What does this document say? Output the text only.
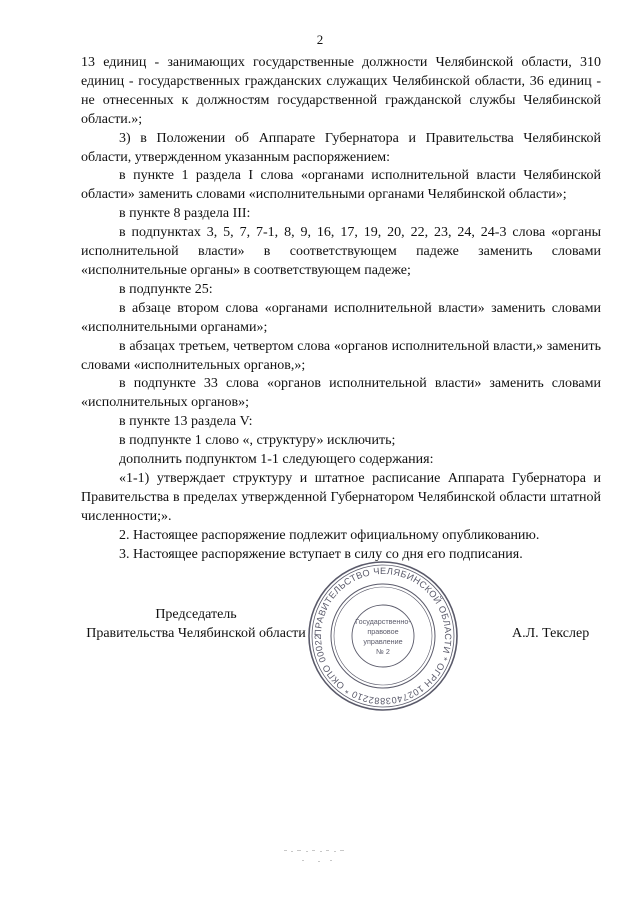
2

13 единиц - занимающих государственные должности Челябинской области, 310 единиц - государственных гражданских служащих Челябинской области, 36 единиц - не отнесенных к должностям государственной гражданской службы Челябинской области.»;

3) в Положении об Аппарате Губернатора и Правительства Челябинской области, утвержденном указанным распоряжением:

в пункте 1 раздела I слова «органами исполнительной власти Челябинской области» заменить словами «исполнительными органами Челябинской области»;

в пункте 8 раздела III:

в подпунктах 3, 5, 7, 7-1, 8, 9, 16, 17, 19, 20, 22, 23, 24, 24-3 слова «органы исполнительной власти» в соответствующем падеже заменить словами «исполнительные органы» в соответствующем падеже;

в подпункте 25:

в абзаце втором слова «органами исполнительной власти» заменить словами «исполнительными органами»;

в абзацах третьем, четвертом слова «органов исполнительной власти,» заменить словами «исполнительных органов,»;

в подпункте 33 слова «органов исполнительной власти» заменить словами «исполнительных органов»;

в пункте 13 раздела V:

в подпункте 1 слово «, структуру» исключить;

дополнить подпунктом 1-1 следующего содержания:

«1-1) утверждает структуру и штатное расписание Аппарата Губернатора и Правительства в пределах утвержденной Губернатором Челябинской области штатной численности;».

2. Настоящее распоряжение подлежит официальному опубликованию.

3. Настоящее распоряжение вступает в силу со дня его подписания.

Председатель
Правительства Челябинской области ПРАВИТЕЛЬСТВО ЧЕЛЯБИНСКОЙ ОБЛАСТИ * ОГРН 1027403882210 * ОКПО 00022
Государственно-
правовое
управление
№ 2
А.Л. Текслер
